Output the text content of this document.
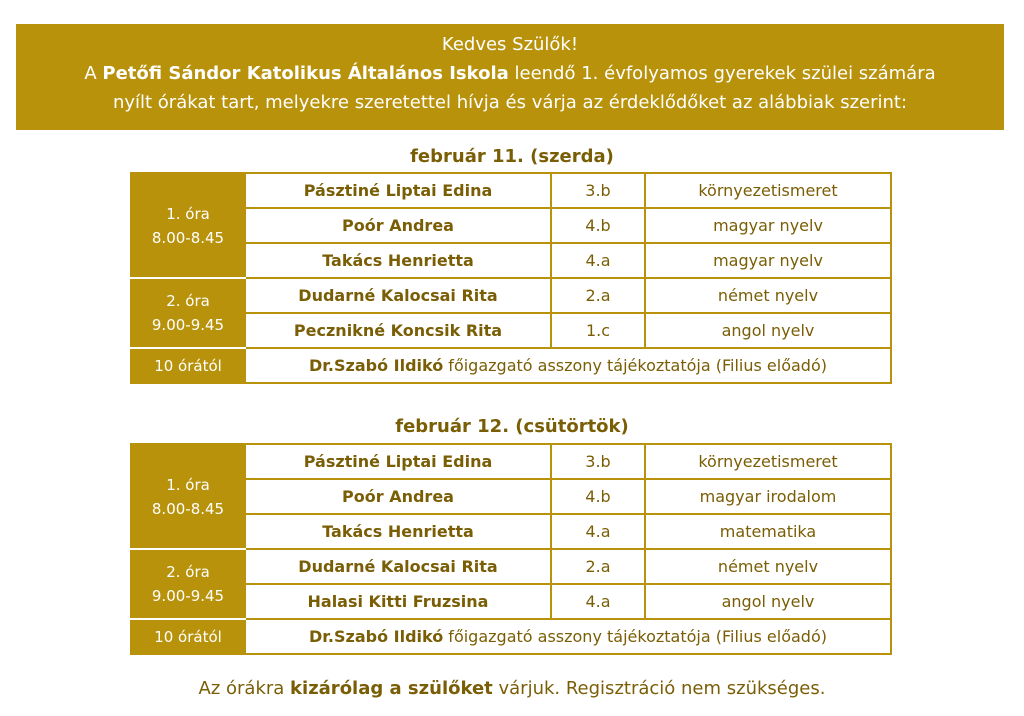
Kedves Szülők!
A Petőfi Sándor Katolikus Általános Iskola leendő 1. évfolyamos gyerekek szülei számára
nyílt órákat tart, melyekre szeretettel hívja és várja az érdeklődőket az alábbiak szerint:
február 11. (szerda)
1. óra
8.00-8.45	Pásztiné Liptai Edina	3.b	környezetismeret
	Poór Andrea	4.b	magyar nyelv
	Takács Henrietta	4.a	magyar nyelv

2. óra
9.00-9.45	Dudarné Kalocsai Rita	2.a	német nyelv
	Pecznikné Koncsik Rita	1.c	angol nyelv
10 órától	Dr.Szabó Ildikó főigazgató asszony tájékoztatója (Filius előadó)		
február 12. (csütörtök)
1. óra
8.00-8.45	Pásztiné Liptai Edina	3.b	környezetismeret
	Poór Andrea	4.b	magyar irodalom
	Takács Henrietta	4.a	matematika

2. óra
9.00-9.45	Dudarné Kalocsai Rita	2.a	német nyelv
	Halasi Kitti Fruzsina	4.a	angol nyelv
10 órától	Dr.Szabó Ildikó főigazgató asszony tájékoztatója (Filius előadó)		
Az órákra kizárólag a szülőket várjuk. Regisztráció nem szükséges.
